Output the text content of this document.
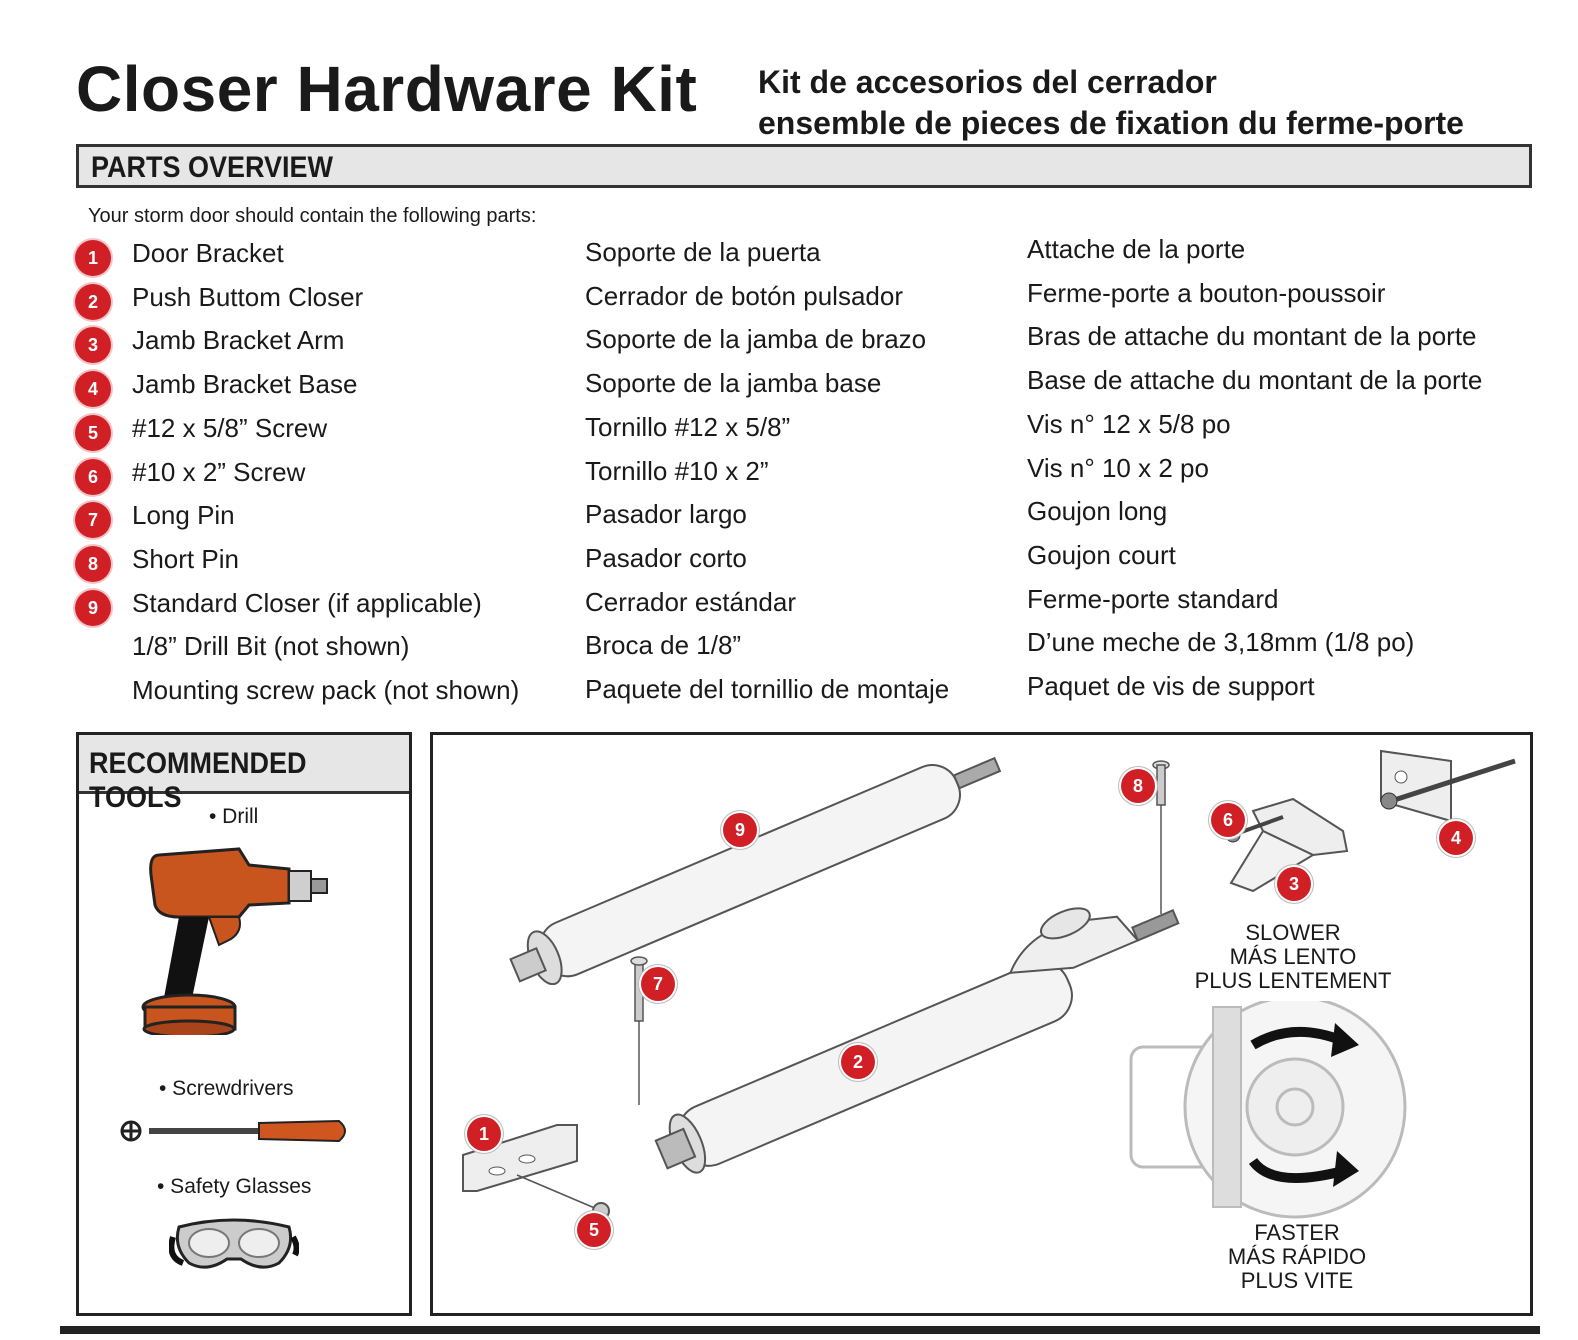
Closer Hardware Kit Kit de accesorios del cerrador
ensemble de pieces de fixation du ferme-porte
PARTS OVERVIEW
Your storm door should contain the following parts:
1	Door Bracket	Soporte de la puerta	Attache de la porte
2	Push Buttom Closer	Cerrador de botón pulsador	Ferme-porte a bouton-poussoir
3	Jamb Bracket Arm	Soporte de la jamba de brazo	Bras de attache du montant de la porte
4	Jamb Bracket Base	Soporte de la jamba base	Base de attache du montant de la porte
5	#12 x 5/8” Screw	Tornillo #12 x 5/8”	Vis n° 12 x 5/8 po
6	#10 x 2” Screw	Tornillo #10 x 2”	Vis n° 10 x 2 po
7	Long Pin	Pasador largo	Goujon long
8	Short Pin	Pasador corto	Goujon court
9	Standard Closer (if applicable)	Cerrador estándar	Ferme-porte standard
1/8” Drill Bit (not shown)	Broca de 1/8”	D’une meche de 3,18mm (1/8 po)
Mounting screw pack (not shown)	Paquete del tornillio de montaje	Paquet de vis de support
RECOMMENDED TOOLS
• Drill
• Screwdrivers
• Safety Glasses
SLOWER
MÁS LENTO
PLUS LENTEMENT
FASTER
MÁS RÁPIDO
PLUS VITE
9
8
6
4
3
7
2
1
5
